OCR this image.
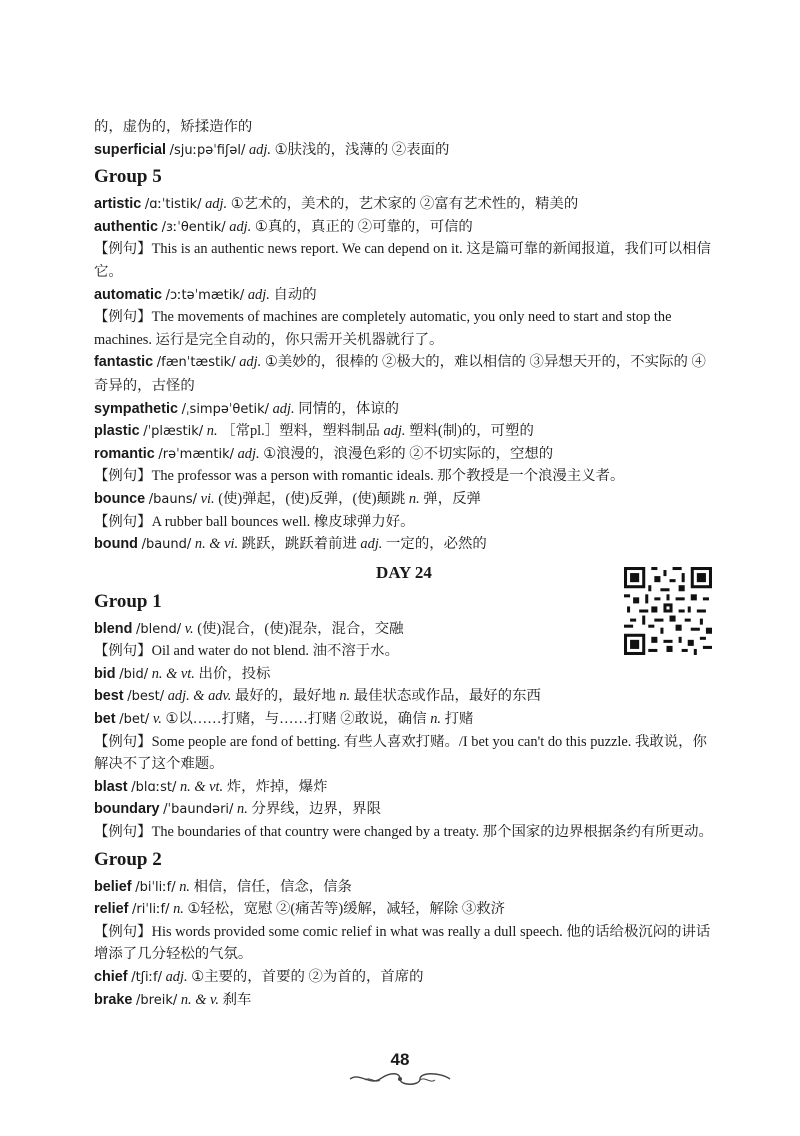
的，虚伪的，矫揉造作的
superficial /sjuːpəˈfiʃəl/ adj. ①肤浅的，浅薄的 ②表面的
Group 5
artistic /ɑːˈtistik/ adj. ①艺术的，美术的，艺术家的 ②富有艺术性的，精美的
authentic /ɜːˈθentik/ adj. ①真的，真正的 ②可靠的，可信的
【例句】This is an authentic news report. We can depend on it. 这是篇可靠的新闻报道，我们可以相信它。
automatic /ɔːtəˈmætik/ adj. 自动的
【例句】The movements of machines are completely automatic, you only need to start and stop the machines. 运行是完全自动的，你只需开关机器就行了。
fantastic /fænˈtæstik/ adj. ①美妙的，很棒的 ②极大的，难以相信的 ③异想天开的，不实际的 ④奇异的，古怪的
sympathetic /ˌsimpəˈθetik/ adj. 同情的，体谅的
plastic /ˈplæstik/ n. ［常pl.］塑料，塑料制品 adj. 塑料(制)的，可塑的
romantic /rəˈmæntik/ adj. ①浪漫的，浪漫色彩的 ②不切实际的，空想的
【例句】The professor was a person with romantic ideals. 那个教授是一个浪漫主义者。
bounce /bauns/ vi. (使)弹起，(使)反弹，(使)颠跳 n. 弹，反弹
【例句】A rubber ball bounces well. 橡皮球弹力好。
bound /baund/ n. & vi. 跳跃，跳跃着前进 adj. 一定的，必然的
DAY 24
Group 1
blend /blend/ v. (使)混合，(使)混杂，混合，交融
【例句】Oil and water do not blend. 油不溶于水。
bid /bid/ n. & vt. 出价，投标
best /best/ adj. & adv. 最好的，最好地 n. 最佳状态或作品，最好的东西
bet /bet/ v. ①以……打赌，与……打赌 ②敢说，确信 n. 打赌
【例句】Some people are fond of betting. 有些人喜欢打赌。/I bet you can't do this puzzle. 我敢说，你解决不了这个难题。
blast /blɑːst/ n. & vt. 炸，炸掉，爆炸
boundary /ˈbaundəri/ n. 分界线，边界，界限
【例句】The boundaries of that country were changed by a treaty. 那个国家的边界根据条约有所更动。
Group 2
belief /biˈliːf/ n. 相信，信任，信念，信条
relief /riˈliːf/ n. ①轻松，宽慰 ②(痛苦等)缓解，减轻，解除 ③救济
【例句】His words provided some comic relief in what was really a dull speech. 他的话给极沉闷的讲话增添了几分轻松的气氛。
chief /tʃiːf/ adj. ①主要的，首要的 ②为首的，首席的
brake /breik/ n. & v. 刹车
48
